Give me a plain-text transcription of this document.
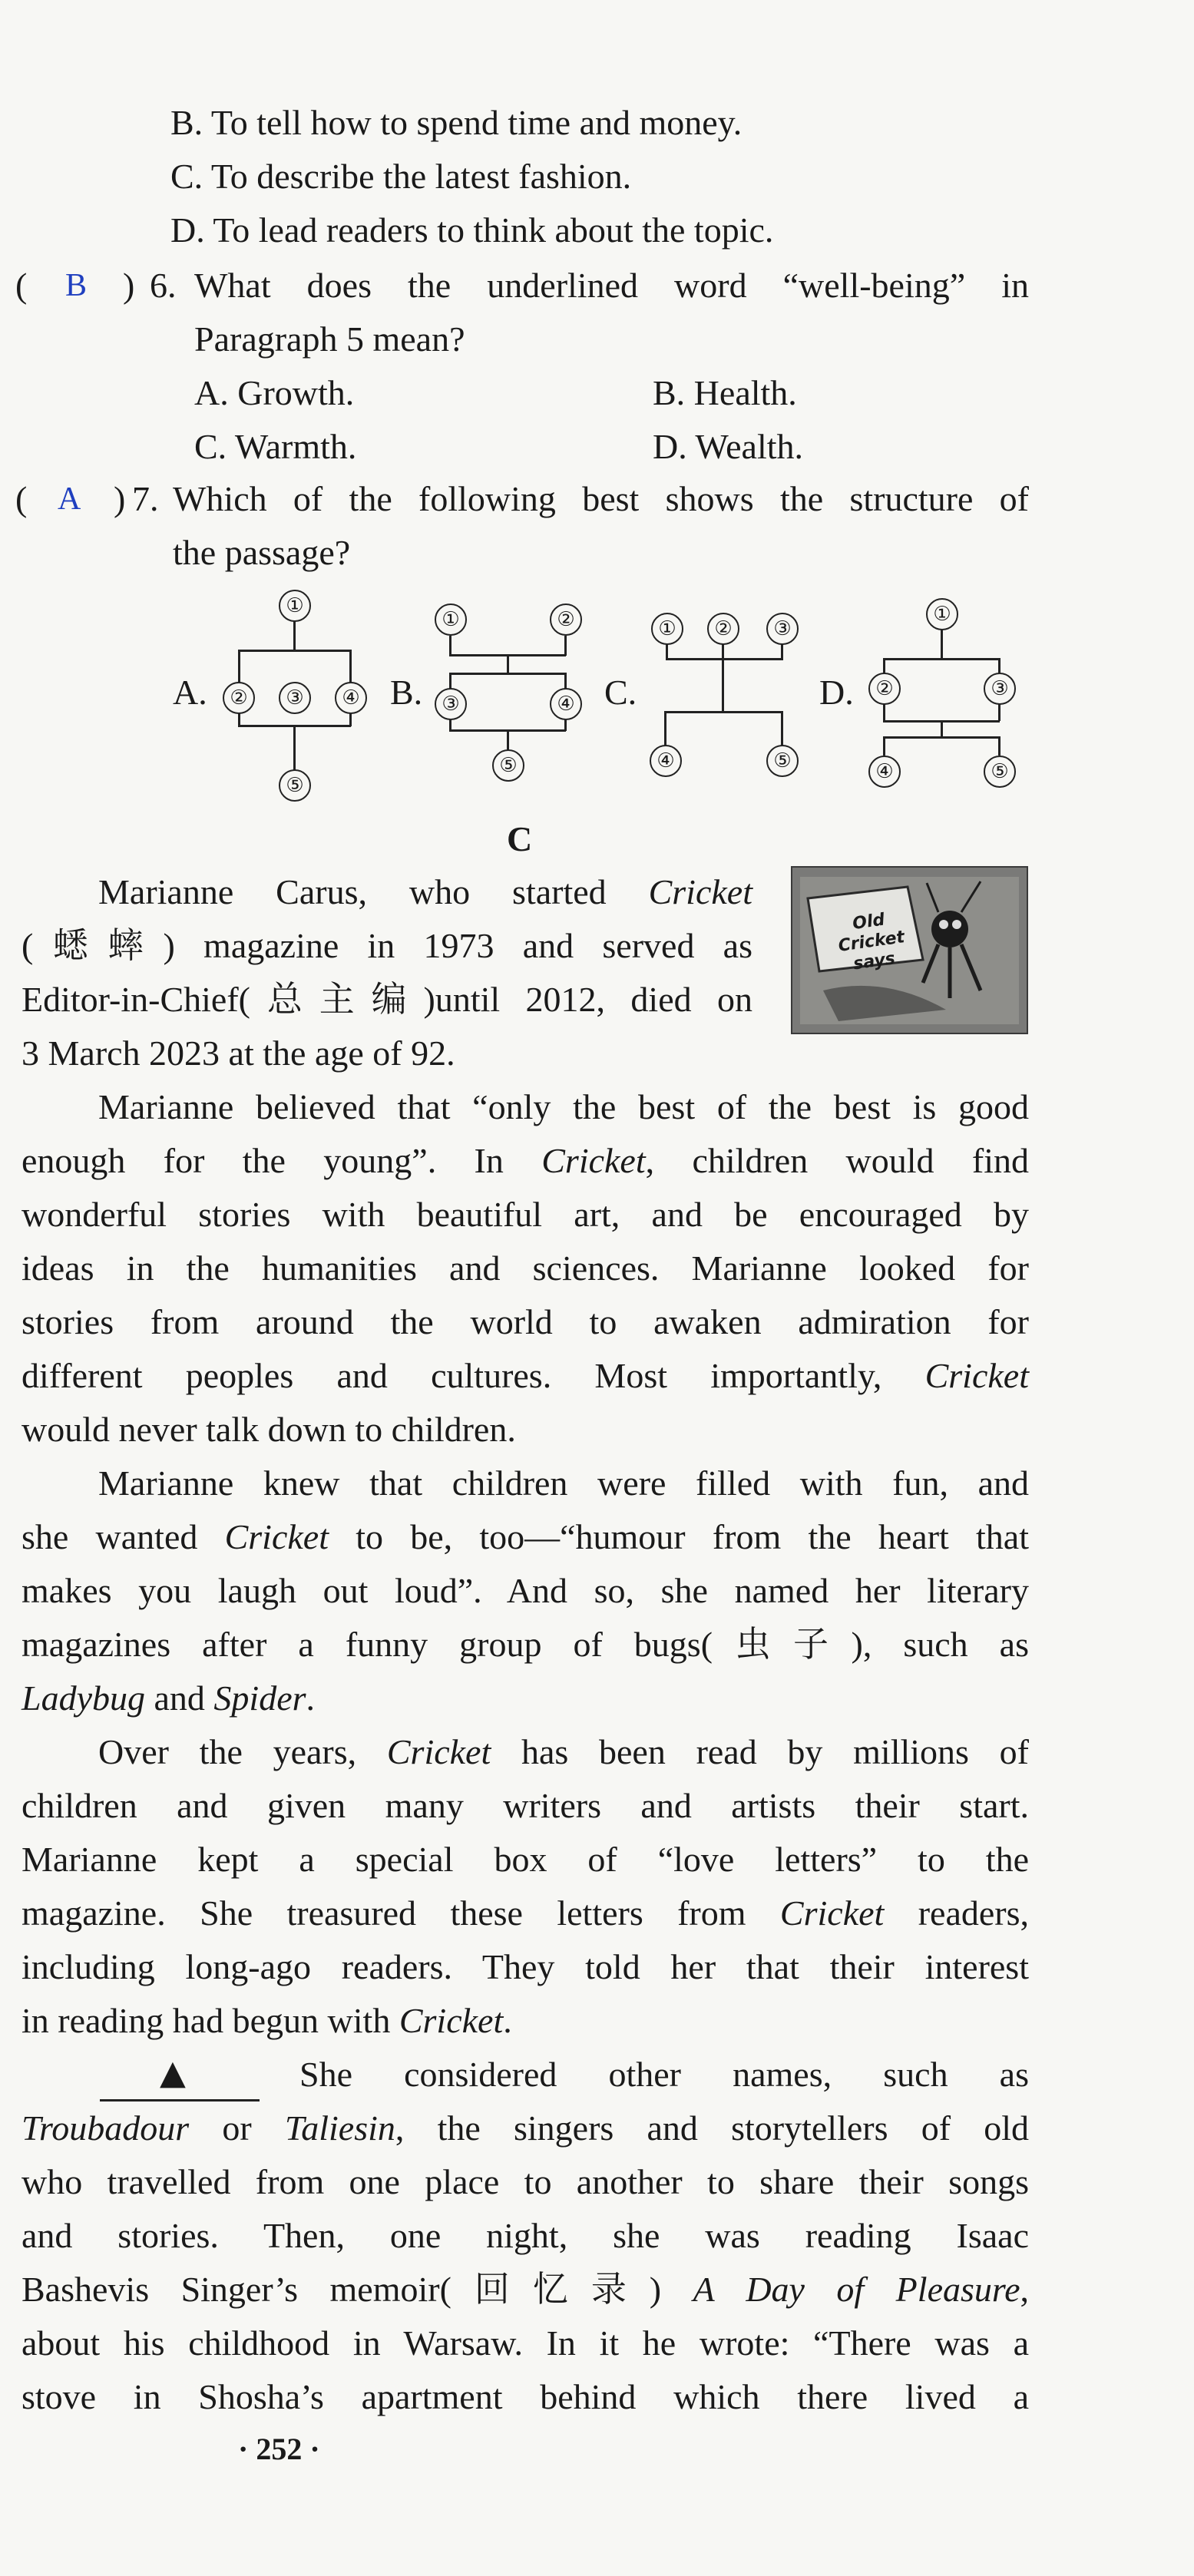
B. To tell how to spend time and money.
C. To describe the latest fashion.
D. To lead readers to think about the topic.
( B ) 6. What does the underlined word “well-being” in
Paragraph 5 mean?
A. Growth.	B. Health.
C. Warmth.	D. Wealth.
( A ) 7. Which of the following best shows the structure of
the passage?
A.
①
②	③	④
⑤
B.
①	②
③	④
⑤
C.
①	②	③
④	⑤
D.
①
②	③
④	⑤
C
Old Cricket says
Marianne Carus, who started Cricket
(蟋蟀) magazine in 1973 and served as
Editor-in-Chief(总主编)until 2012, died on
3 March 2023 at the age of 92.
Marianne believed that “only the best of the best is good
enough for the young”. In Cricket, children would find
wonderful stories with beautiful art, and be encouraged by
ideas in the humanities and sciences. Marianne looked for
stories from around the world to awaken admiration for
different peoples and cultures. Most importantly, Cricket
would never talk down to children.
Marianne knew that children were filled with fun, and
she wanted Cricket to be, too—“humour from the heart that
makes you laugh out loud”. And so, she named her literary
magazines after a funny group of bugs(虫子), such as
Ladybug and Spider.
Over the years, Cricket has been read by millions of
children and given many writers and artists their start.
Marianne kept a special box of “love letters” to the
magazine. She treasured these letters from Cricket readers,
including long-ago readers. They told her that their interest
in reading had begun with Cricket.
▲	She considered other names, such as
Troubadour or Taliesin, the singers and storytellers of old
who travelled from one place to another to share their songs
and stories. Then, one night, she was reading Isaac
Bashevis Singer’s memoir(回忆录) A Day of Pleasure,
about his childhood in Warsaw. In it he wrote: “There was a
stove in Shosha’s apartment behind which there lived a
· 252 ·
